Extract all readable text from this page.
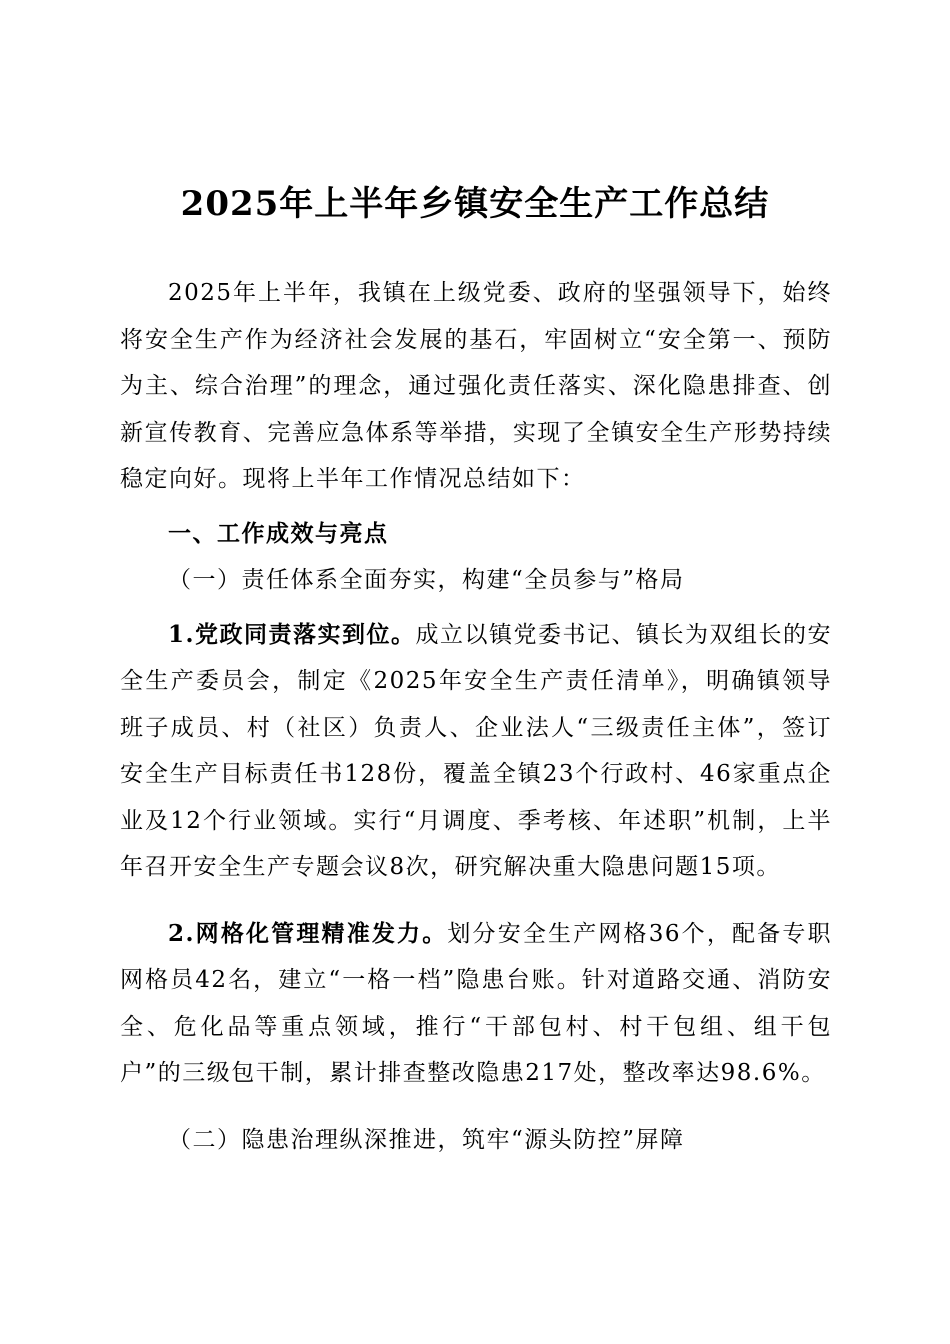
2025年上半年乡镇安全生产工作总结

2025年上半年，我镇在上级党委、政府的坚强领导下，始终将安全生产作为经济社会发展的基石，牢固树立“安全第一、预防为主、综合治理”的理念，通过强化责任落实、深化隐患排查、创新宣传教育、完善应急体系等举措，实现了全镇安全生产形势持续稳定向好。现将上半年工作情况总结如下：

一、工作成效与亮点

（一）责任体系全面夯实，构建“全员参与”格局

1.党政同责落实到位。成立以镇党委书记、镇长为双组长的安全生产委员会，制定《2025年安全生产责任清单》，明确镇领导班子成员、村（社区）负责人、企业法人“三级责任主体”，签订安全生产目标责任书128份，覆盖全镇23个行政村、46家重点企业及12个行业领域。实行“月调度、季考核、年述职”机制，上半年召开安全生产专题会议8次，研究解决重大隐患问题15项。

2.网格化管理精准发力。划分安全生产网格36个，配备专职网格员42名，建立“一格一档”隐患台账。针对道路交通、消防安全、危化品等重点领域，推行“干部包村、村干包组、组干包户”的三级包干制，累计排查整改隐患217处，整改率达98.6%。

（二）隐患治理纵深推进，筑牢“源头防控”屏障
